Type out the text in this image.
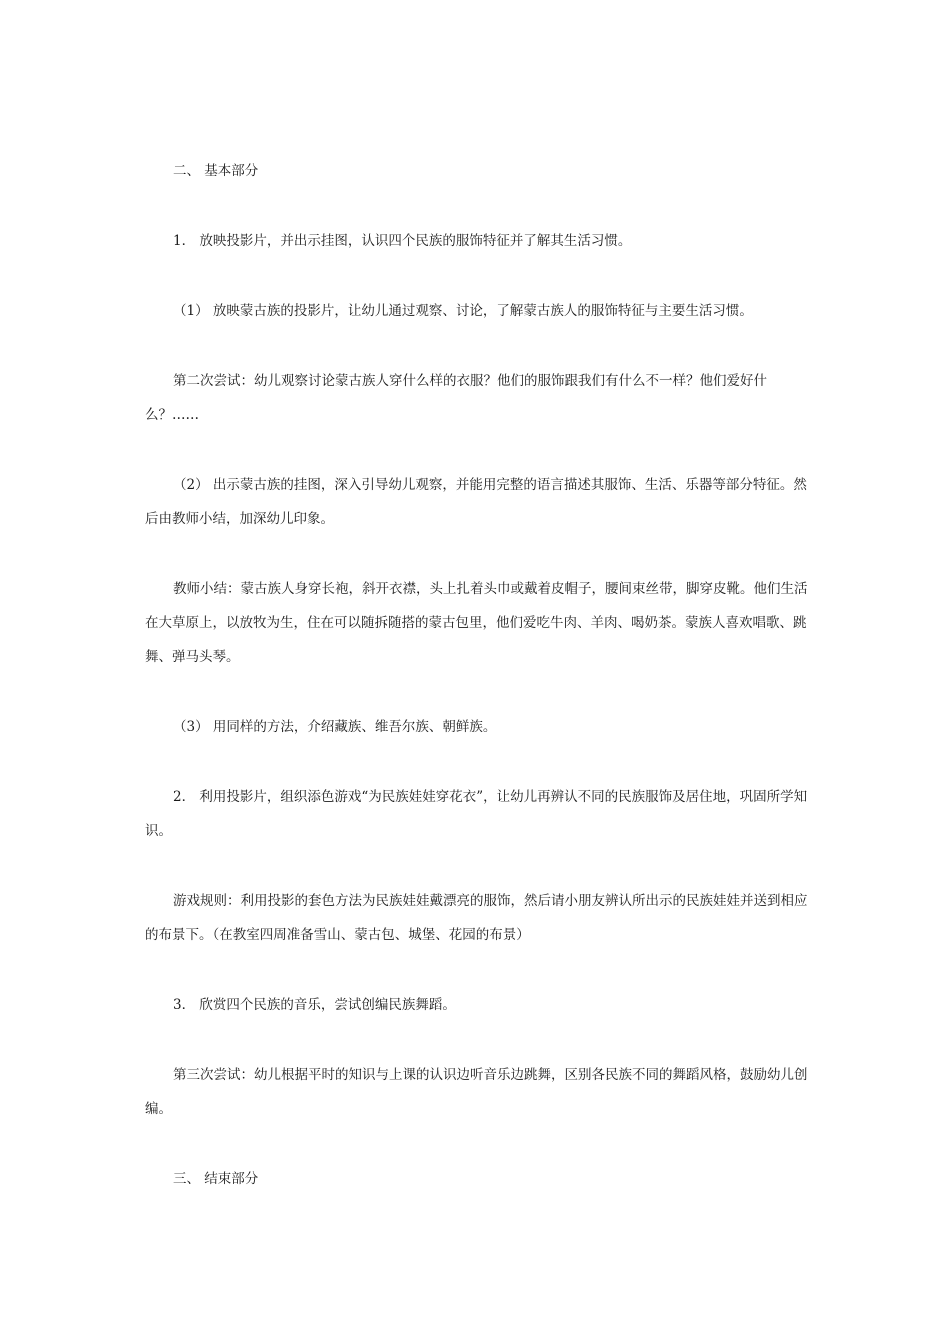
二、 基本部分

1． 放映投影片，并出示挂图，认识四个民族的服饰特征并了解其生活习惯。

（1） 放映蒙古族的投影片，让幼儿通过观察、讨论，了解蒙古族人的服饰特征与主要生活习惯。

第二次尝试：幼儿观察讨论蒙古族人穿什么样的衣服？他们的服饰跟我们有什么不一样？他们爱好什么？……

（2） 出示蒙古族的挂图，深入引导幼儿观察，并能用完整的语言描述其服饰、生活、乐器等部分特征。然后由教师小结，加深幼儿印象。

教师小结：蒙古族人身穿长袍，斜开衣襟，头上扎着头巾或戴着皮帽子，腰间束丝带，脚穿皮靴。他们生活在大草原上，以放牧为生，住在可以随拆随搭的蒙古包里，他们爱吃牛肉、羊肉、喝奶茶。蒙族人喜欢唱歌、跳舞、弹马头琴。

（3） 用同样的方法，介绍藏族、维吾尔族、朝鲜族。

2． 利用投影片，组织添色游戏“为民族娃娃穿花衣”，让幼儿再辨认不同的民族服饰及居住地，巩固所学知识。

游戏规则：利用投影的套色方法为民族娃娃戴漂亮的服饰，然后请小朋友辨认所出示的民族娃娃并送到相应的布景下。（在教室四周准备雪山、蒙古包、城堡、花园的布景）

3． 欣赏四个民族的音乐，尝试创编民族舞蹈。

第三次尝试：幼儿根据平时的知识与上课的认识边听音乐边跳舞，区别各民族不同的舞蹈风格，鼓励幼儿创编。

三、 结束部分
